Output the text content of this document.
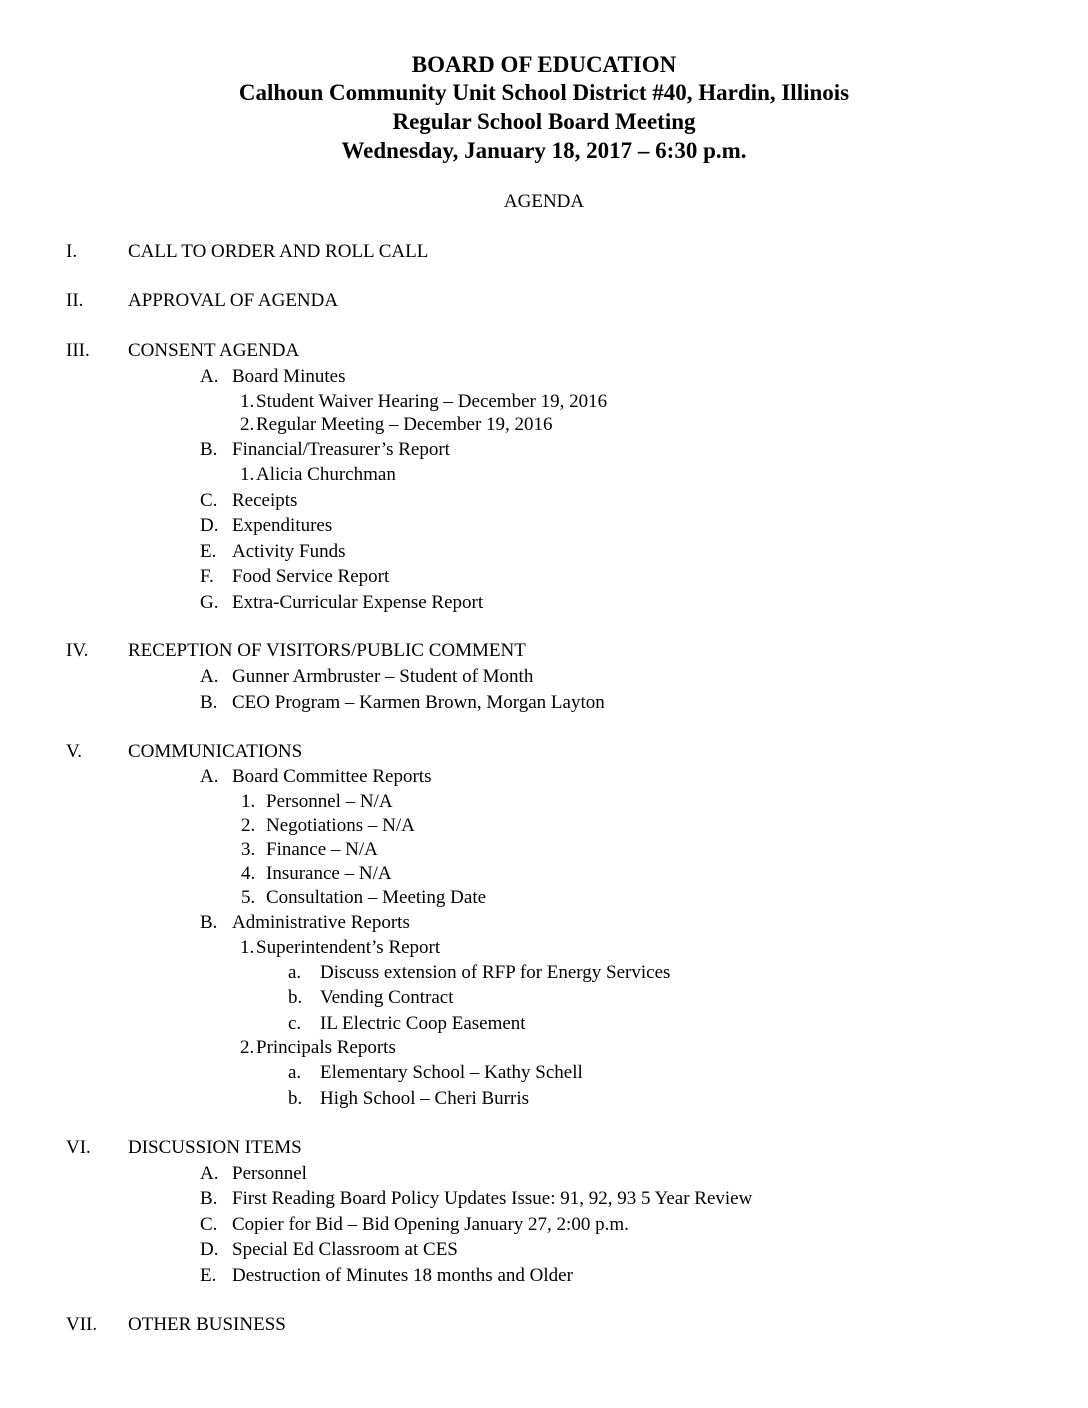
BOARD OF EDUCATION
Calhoun Community Unit School District #40, Hardin, Illinois
Regular School Board Meeting
Wednesday, January 18, 2017 – 6:30 p.m.
AGENDA
I.	CALL TO ORDER AND ROLL CALL
II. APPROVAL OF AGENDA
III. CONSENT AGENDA
A. Board Minutes
1. Student Waiver Hearing – December 19, 2016
2. Regular Meeting – December 19, 2016
B. Financial/Treasurer’s Report
1. Alicia Churchman
C. Receipts
D. Expenditures
E. Activity Funds
F. Food Service Report
G. Extra-Curricular Expense Report
IV. RECEPTION OF VISITORS/PUBLIC COMMENT
A. Gunner Armbruster – Student of Month
B. CEO Program – Karmen Brown, Morgan Layton
V. COMMUNICATIONS
A. Board Committee Reports
1. Personnel – N/A
2. Negotiations – N/A
3. Finance – N/A
4. Insurance – N/A
5. Consultation – Meeting Date
B. Administrative Reports
1. Superintendent’s Report
a. Discuss extension of RFP for Energy Services
b. Vending Contract
c. IL Electric Coop Easement
2. Principals Reports
a. Elementary School – Kathy Schell
b. High School – Cheri Burris
VI. DISCUSSION ITEMS
A. Personnel
B. First Reading Board Policy Updates Issue: 91, 92, 93 5 Year Review
C. Copier for Bid – Bid Opening January 27, 2:00 p.m.
D. Special Ed Classroom at CES
E. Destruction of Minutes 18 months and Older
VII. OTHER BUSINESS
